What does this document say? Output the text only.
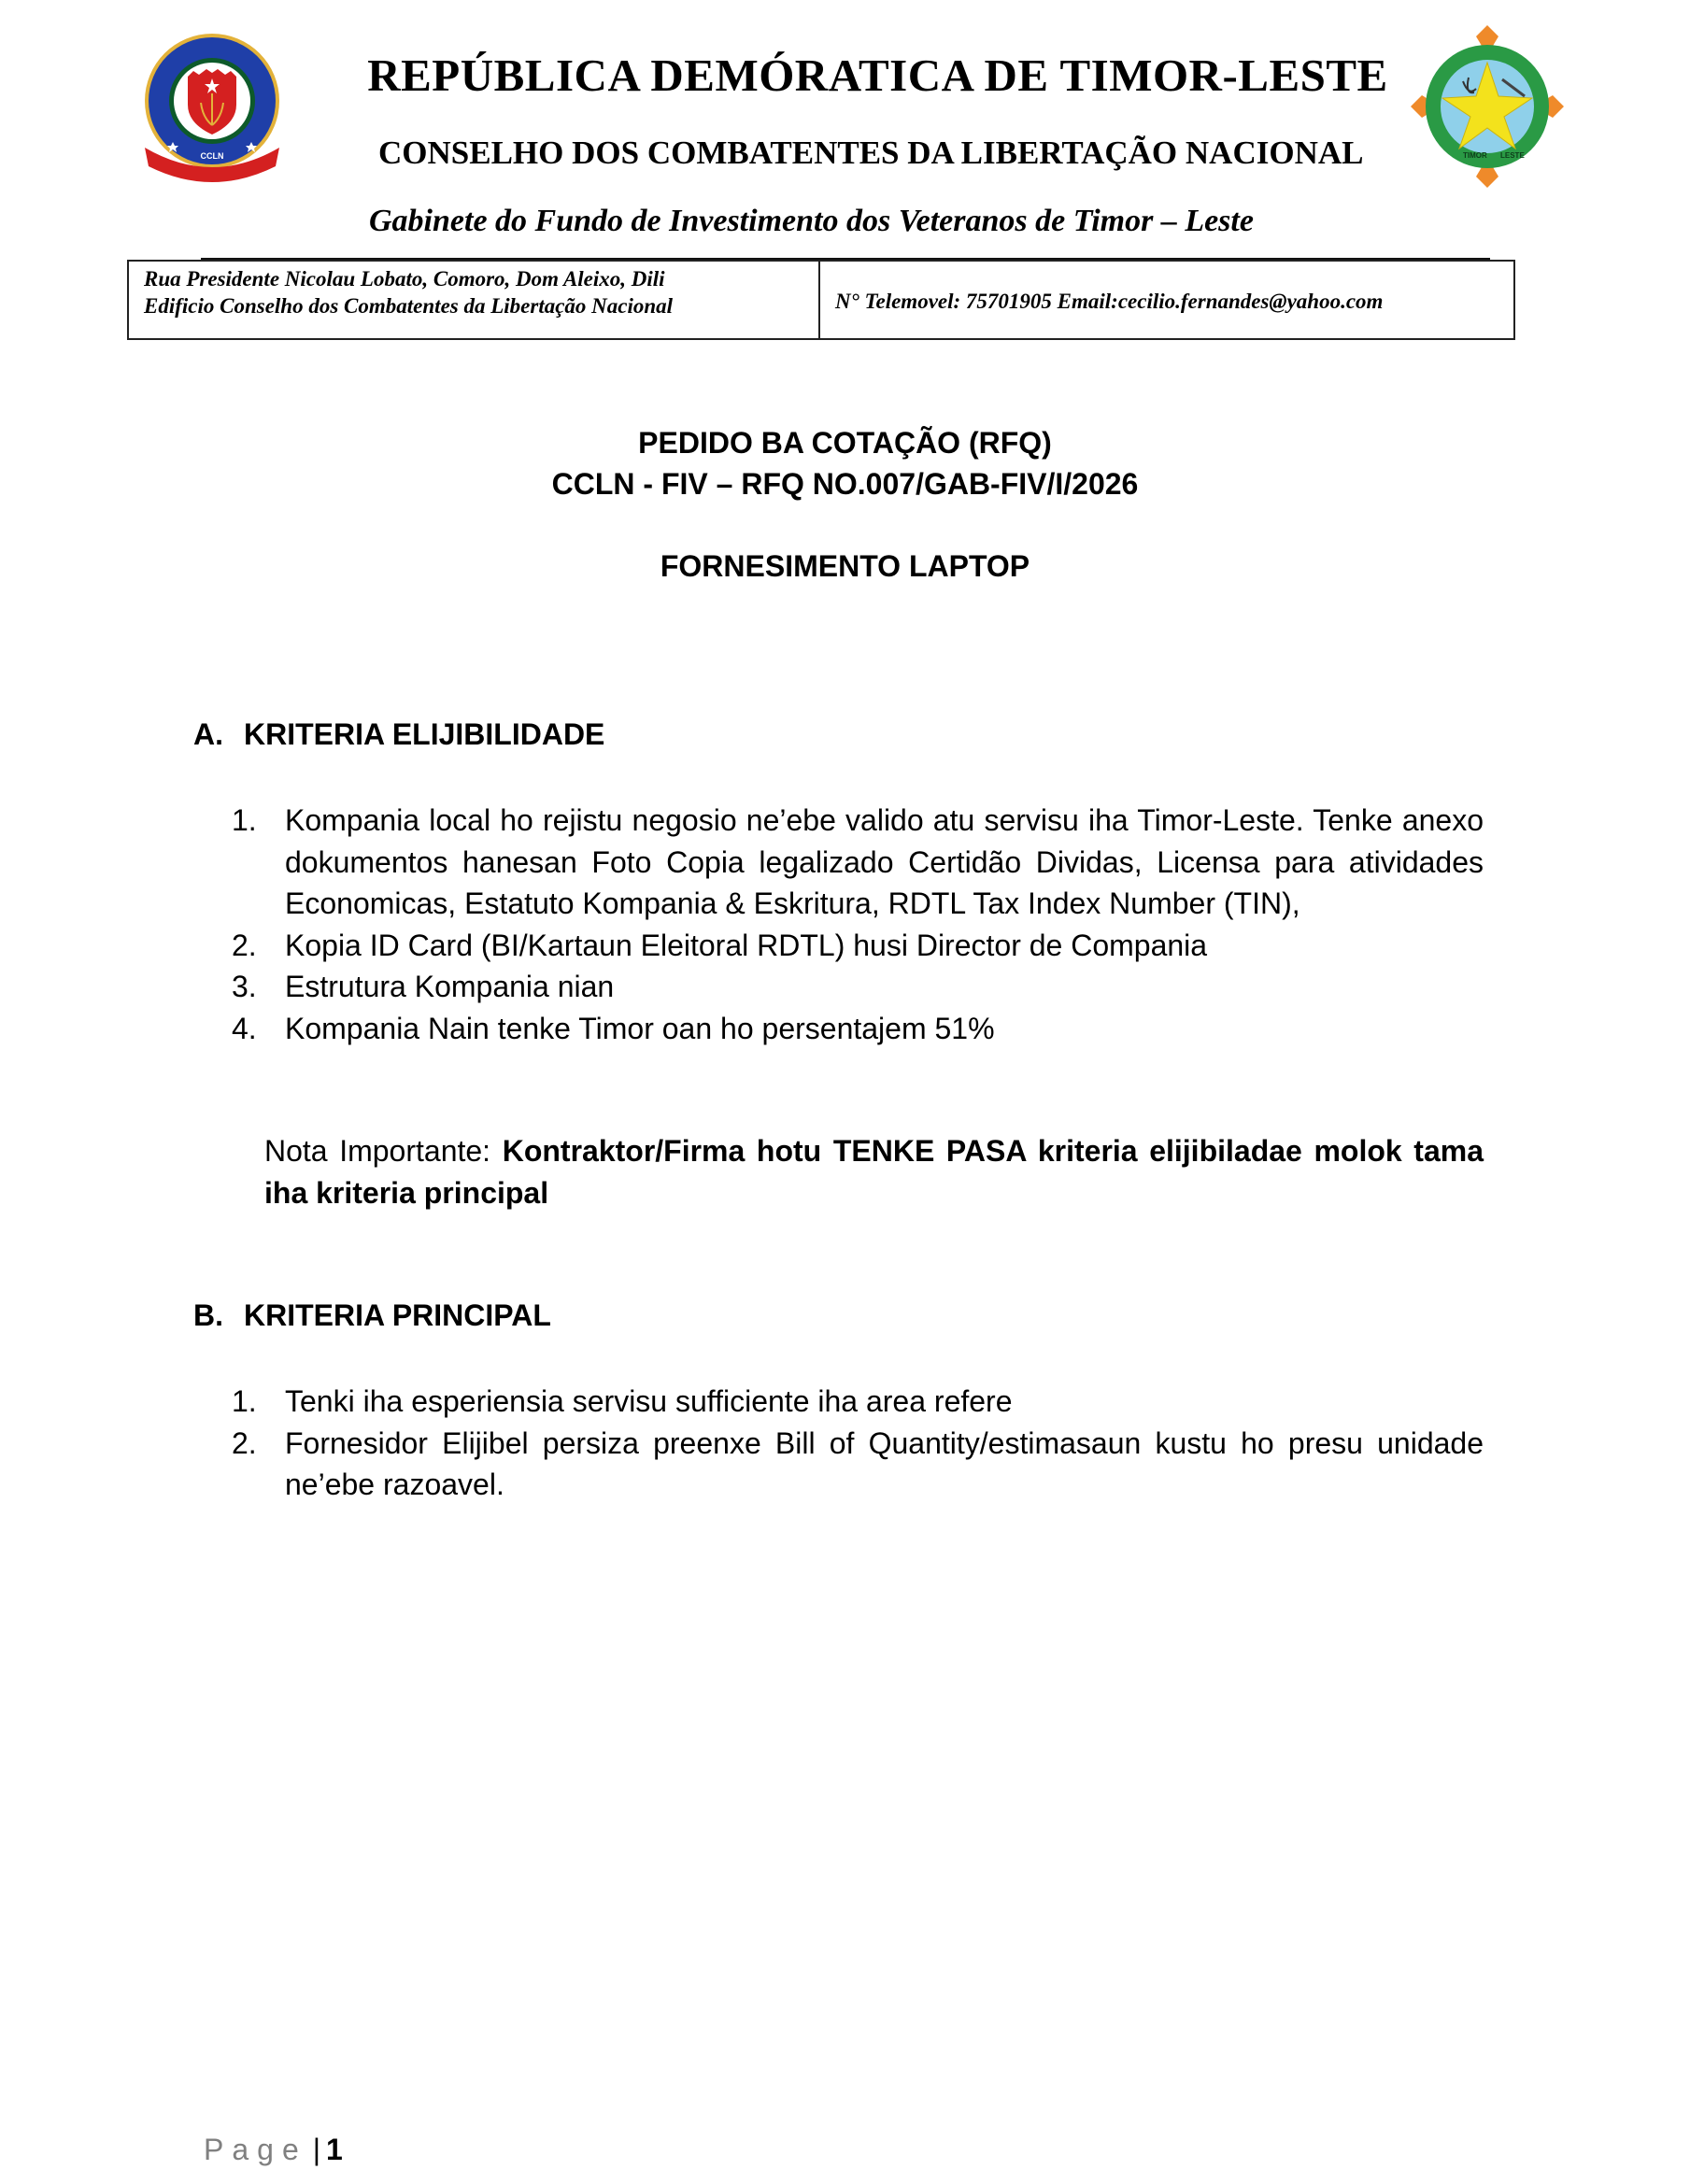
CCLN	TIMOR LESTE
REPÚBLICA DEMÓRATICA DE TIMOR-LESTE
CONSELHO DOS COMBATENTES DA LIBERTAÇÃO NACIONAL
Gabinete do Fundo de Investimento dos Veteranos de Timor – Leste
Rua Presidente Nicolau Lobato, Comoro, Dom Aleixo, Dili
Edificio Conselho dos Combatentes da Libertação Nacional	N° Telemovel: 75701905 Email:cecilio.fernandes@yahoo.com
PEDIDO BA COTAÇÃO (RFQ)
CCLN - FIV – RFQ NO.007/GAB-FIV/I/2026
FORNESIMENTO LAPTOP
A. KRITERIA ELIJIBILIDADE
1. Kompania local ho rejistu negosio ne’ebe valido atu servisu iha Timor-Leste. Tenke anexo dokumentos hanesan Foto Copia legalizado Certidão Dividas, Licensa para atividades Economicas, Estatuto Kompania & Eskritura, RDTL Tax Index Number (TIN),
2. Kopia ID Card (BI/Kartaun Eleitoral RDTL) husi Director de Compania
3. Estrutura Kompania nian
4. Kompania Nain tenke Timor oan ho persentajem 51%
Nota Importante: Kontraktor/Firma hotu TENKE PASA kriteria elijibiladae molok tama iha kriteria principal
B. KRITERIA PRINCIPAL
1. Tenki iha esperiensia servisu sufficiente iha area refere
2. Fornesidor Elijibel persiza preenxe Bill of Quantity/estimasaun kustu ho presu unidade ne’ebe razoavel.
Page | 1
